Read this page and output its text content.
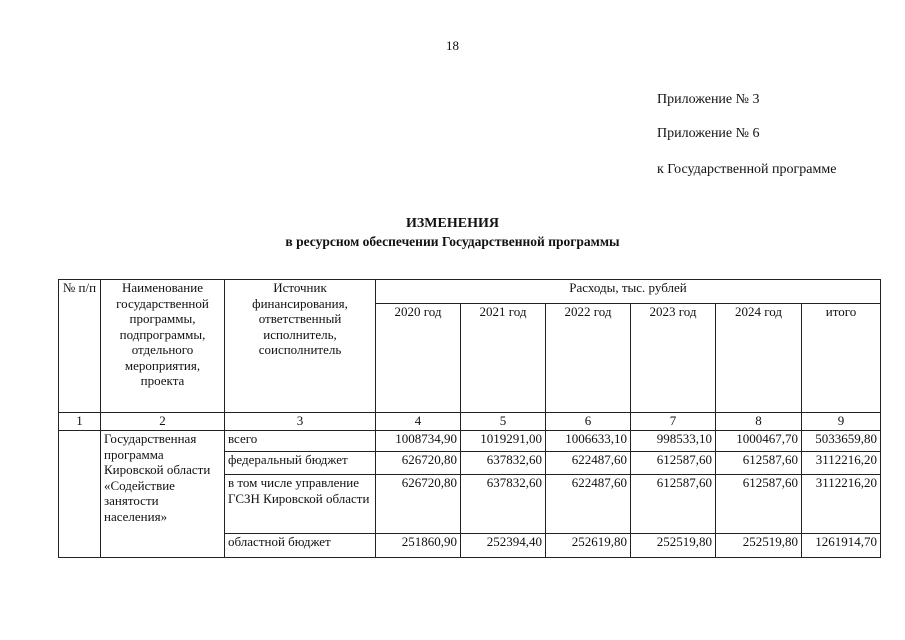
18
Приложение № 3
Приложение № 6
к Государственной программе
ИЗМЕНЕНИЯ
в ресурсном обеспечении Государственной программы
№ п/п	Наименование государственной программы, подпрограммы, отдельного мероприятия, проекта	Источник финансирования, ответственный исполнитель, соисполнитель	Расходы, тыс. рублей					
			2020 год	2021 год	2022 год	2023 год	2024 год	итого
1	2	3	4	5	6	7	8	9
	Государственная программа Кировской области «Содействие занятости населения»	всего	1008734,90	1019291,00	1006633,10	998533,10	1000467,70	5033659,80
		федеральный бюджет	626720,80	637832,60	622487,60	612587,60	612587,60	3112216,20
		в том числе управление ГСЗН Кировской области	626720,80	637832,60	622487,60	612587,60	612587,60	3112216,20
		областной бюджет	251860,90	252394,40	252619,80	252519,80	252519,80	1261914,70
